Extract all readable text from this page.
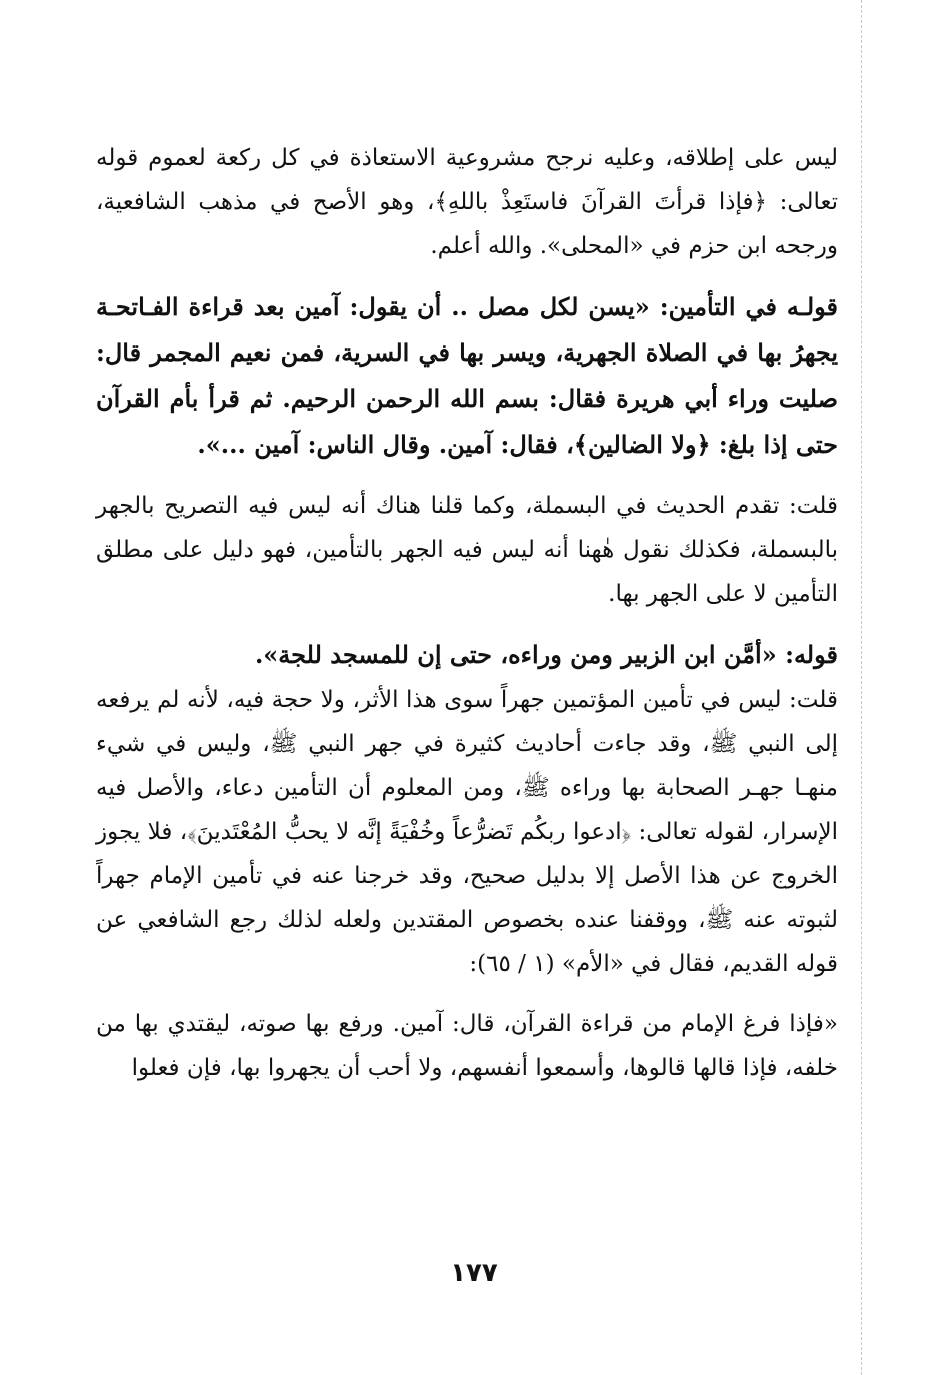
ليس على إطلاقه، وعليه نرجح مشروعية الاستعاذة في كل ركعة لعموم قوله تعالى: ﴿فإذا قرأتَ القرآنَ فاستَعِذْ باللهِ﴾، وهو الأصح في مذهب الشافعية، ورجحه ابن حزم في «المحلى». والله أعلم.

قولـه في التأمين: «يسن لكل مصل .. أن يقول: آمين بعد قراءة الفـاتحـة يجهرُ بها في الصلاة الجهرية، ويسر بها في السرية، فمن نعيم المجمر قال: صليت وراء أبي هريرة فقال: بسم الله الرحمن الرحيم. ثم قرأ بأم القرآن حتى إذا بلغ: ﴿ولا الضالين﴾، فقال: آمين. وقال الناس: آمين ...».

قلت: تقدم الحديث في البسملة، وكما قلنا هناك أنه ليس فيه التصريح بالجهر بالبسملة، فكذلك نقول هٰهنا أنه ليس فيه الجهر بالتأمين، فهو دليل على مطلق التأمين لا على الجهر بها.

قوله: «أمَّن ابن الزبير ومن وراءه، حتى إن للمسجد للجة».

قلت: ليس في تأمين المؤتمين جهراً سوى هذا الأثر، ولا حجة فيه، لأنه لم يرفعه إلى النبي ﷺ، وقد جاءت أحاديث كثيرة في جهر النبي ﷺ، وليس في شيء منهـا جهـر الصحابة بها وراءه ﷺ، ومن المعلوم أن التأمين دعاء، والأصل فيه الإسرار، لقوله تعالى: ﴿ادعوا ربكُم تَضرُّعاً وخُفْيَةً إنَّه لا يحبُّ المُعْتَدينَ﴾، فلا يجوز الخروج عن هذا الأصل إلا بدليل صحيح، وقد خرجنا عنه في تأمين الإمام جهراً لثبوته عنه ﷺ، ووقفنا عنده بخصوص المقتدين ولعله لذلك رجع الشافعي عن قوله القديم، فقال في «الأم» (١ / ٦٥):

«فإذا فرغ الإمام من قراءة القرآن، قال: آمين. ورفع بها صوته، ليقتدي بها من خلفه، فإذا قالها قالوها، وأسمعوا أنفسهم، ولا أحب أن يجهروا بها، فإن فعلوا

١٧٧
